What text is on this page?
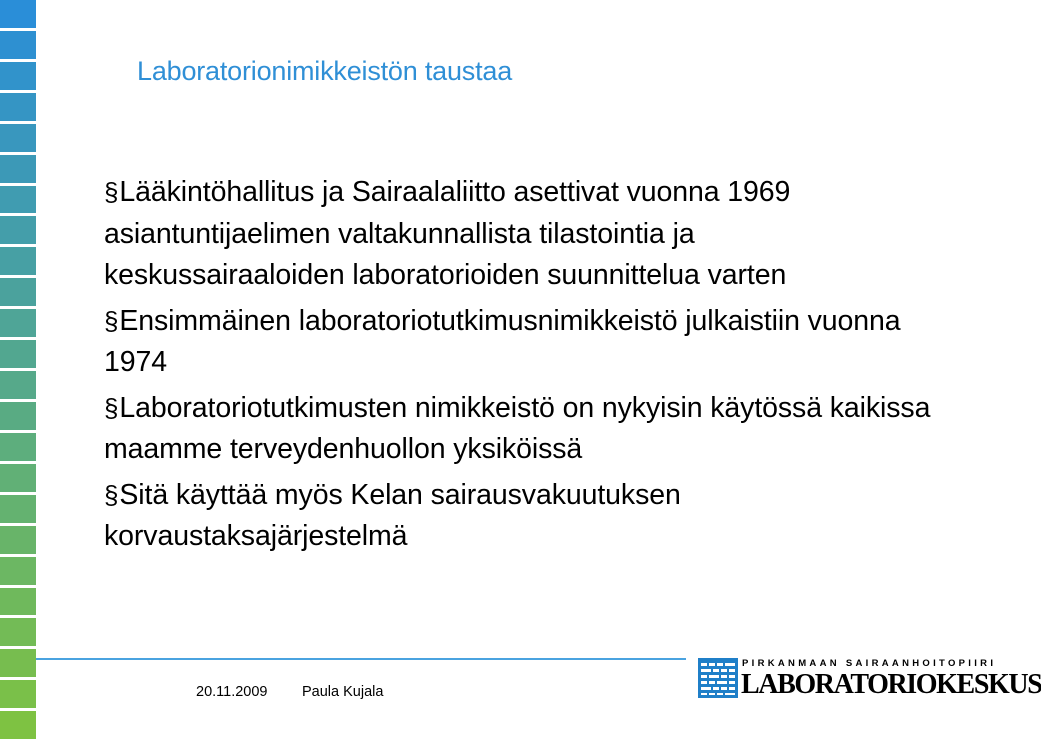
Laboratorionimikkeistön taustaa
§Lääkintöhallitus ja Sairaalaliitto asettivat vuonna 1969 asiantuntijaelimen valtakunnallista tilastointia ja keskussairaaloiden laboratorioiden suunnittelua varten
§Ensimmäinen laboratoriotutkimusnimikkeistö julkaistiin vuonna 1974
§Laboratoriotutkimusten nimikkeistö on nykyisin käytössä kaikissa maamme terveydenhuollon yksiköissä
§Sitä käyttää myös Kelan sairausvakuutuksen korvaustaksajärjestelmä
20.11.2009 Paula Kujala
PIRKANMAAN SAIRAANHOITOPIIRI
LABORATORIOKESKUS
